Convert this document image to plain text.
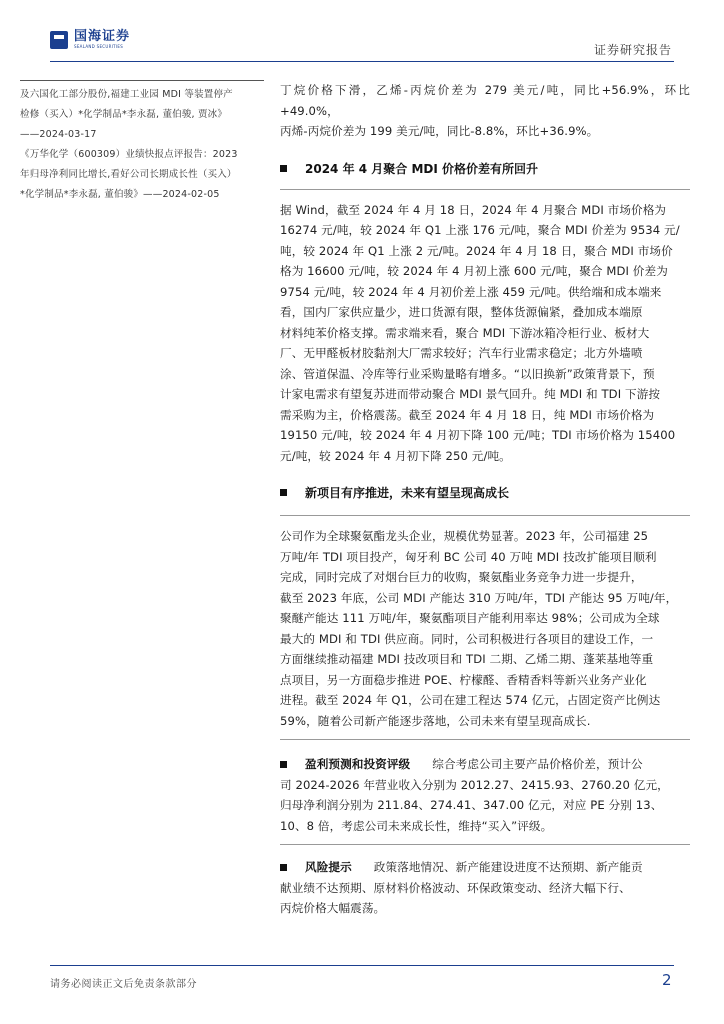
国海证券
SEALAND SECURITIES	证券研究报告

及六国化工部分股份,福建工业园 MDI 等装置停产

检修（买入）*化学制品*李永磊, 董伯骏, 贾冰》

——2024-03-17

《万华化学（600309）业绩快报点评报告：2023

年归母净利同比增长,看好公司长期成长性（买入）

*化学制品*李永磊, 董伯骏》——2024-02-05

丁烷价格下滑，乙烯-丙烷价差为 279 美元/吨，同比+56.9%，环比+49.0%，

丙烯-丙烷价差为 199 美元/吨，同比-8.8%，环比+36.9%。

2024 年 4 月聚合 MDI 价格价差有所回升

据 Wind，截至 2024 年 4 月 18 日，2024 年 4 月聚合 MDI 市场价格为

16274 元/吨，较 2024 年 Q1 上涨 176 元/吨，聚合 MDI 价差为 9534 元/

吨，较 2024 年 Q1 上涨 2 元/吨。2024 年 4 月 18 日，聚合 MDI 市场价

格为 16600 元/吨，较 2024 年 4 月初上涨 600 元/吨，聚合 MDI 价差为

9754 元/吨，较 2024 年 4 月初价差上涨 459 元/吨。供给端和成本端来

看，国内厂家供应量少，进口货源有限，整体货源偏紧，叠加成本端原

材料纯苯价格支撑。需求端来看，聚合 MDI 下游冰箱冷柜行业、板材大

厂、无甲醛板材胶黏剂大厂需求较好；汽车行业需求稳定；北方外墙喷

涂、管道保温、冷库等行业采购量略有增多。“以旧换新”政策背景下，预

计家电需求有望复苏进而带动聚合 MDI 景气回升。纯 MDI 和 TDI 下游按

需采购为主，价格震荡。截至 2024 年 4 月 18 日，纯 MDI 市场价格为

19150 元/吨，较 2024 年 4 月初下降 100 元/吨；TDI 市场价格为 15400

元/吨，较 2024 年 4 月初下降 250 元/吨。

新项目有序推进，未来有望呈现高成长

公司作为全球聚氨酯龙头企业，规模优势显著。2023 年，公司福建 25

万吨/年 TDI 项目投产，匈牙利 BC 公司 40 万吨 MDI 技改扩能项目顺利

完成，同时完成了对烟台巨力的收购，聚氨酯业务竞争力进一步提升，

截至 2023 年底，公司 MDI 产能达 310 万吨/年，TDI 产能达 95 万吨/年，

聚醚产能达 111 万吨/年，聚氨酯项目产能利用率达 98%；公司成为全球

最大的 MDI 和 TDI 供应商。同时，公司积极进行各项目的建设工作，一

方面继续推动福建 MDI 技改项目和 TDI 二期、乙烯二期、蓬莱基地等重

点项目，另一方面稳步推进 POE、柠檬醛、香精香料等新兴业务产业化

进程。截至 2024 年 Q1，公司在建工程达 574 亿元，占固定资产比例达

59%，随着公司新产能逐步落地，公司未来有望呈现高成长.

盈利预测和投资评级 综合考虑公司主要产品价格价差，预计公

司 2024-2026 年营业收入分别为 2012.27、2415.93、2760.20 亿元，

归母净利润分别为 211.84、274.41、347.00 亿元，对应 PE 分别 13、

10、8 倍，考虑公司未来成长性，维持“买入”评级。

风险提示 政策落地情况、新产能建设进度不达预期、新产能贡

献业绩不达预期、原材料价格波动、环保政策变动、经济大幅下行、

丙烷价格大幅震荡。

请务必阅读正文后免责条款部分	2
